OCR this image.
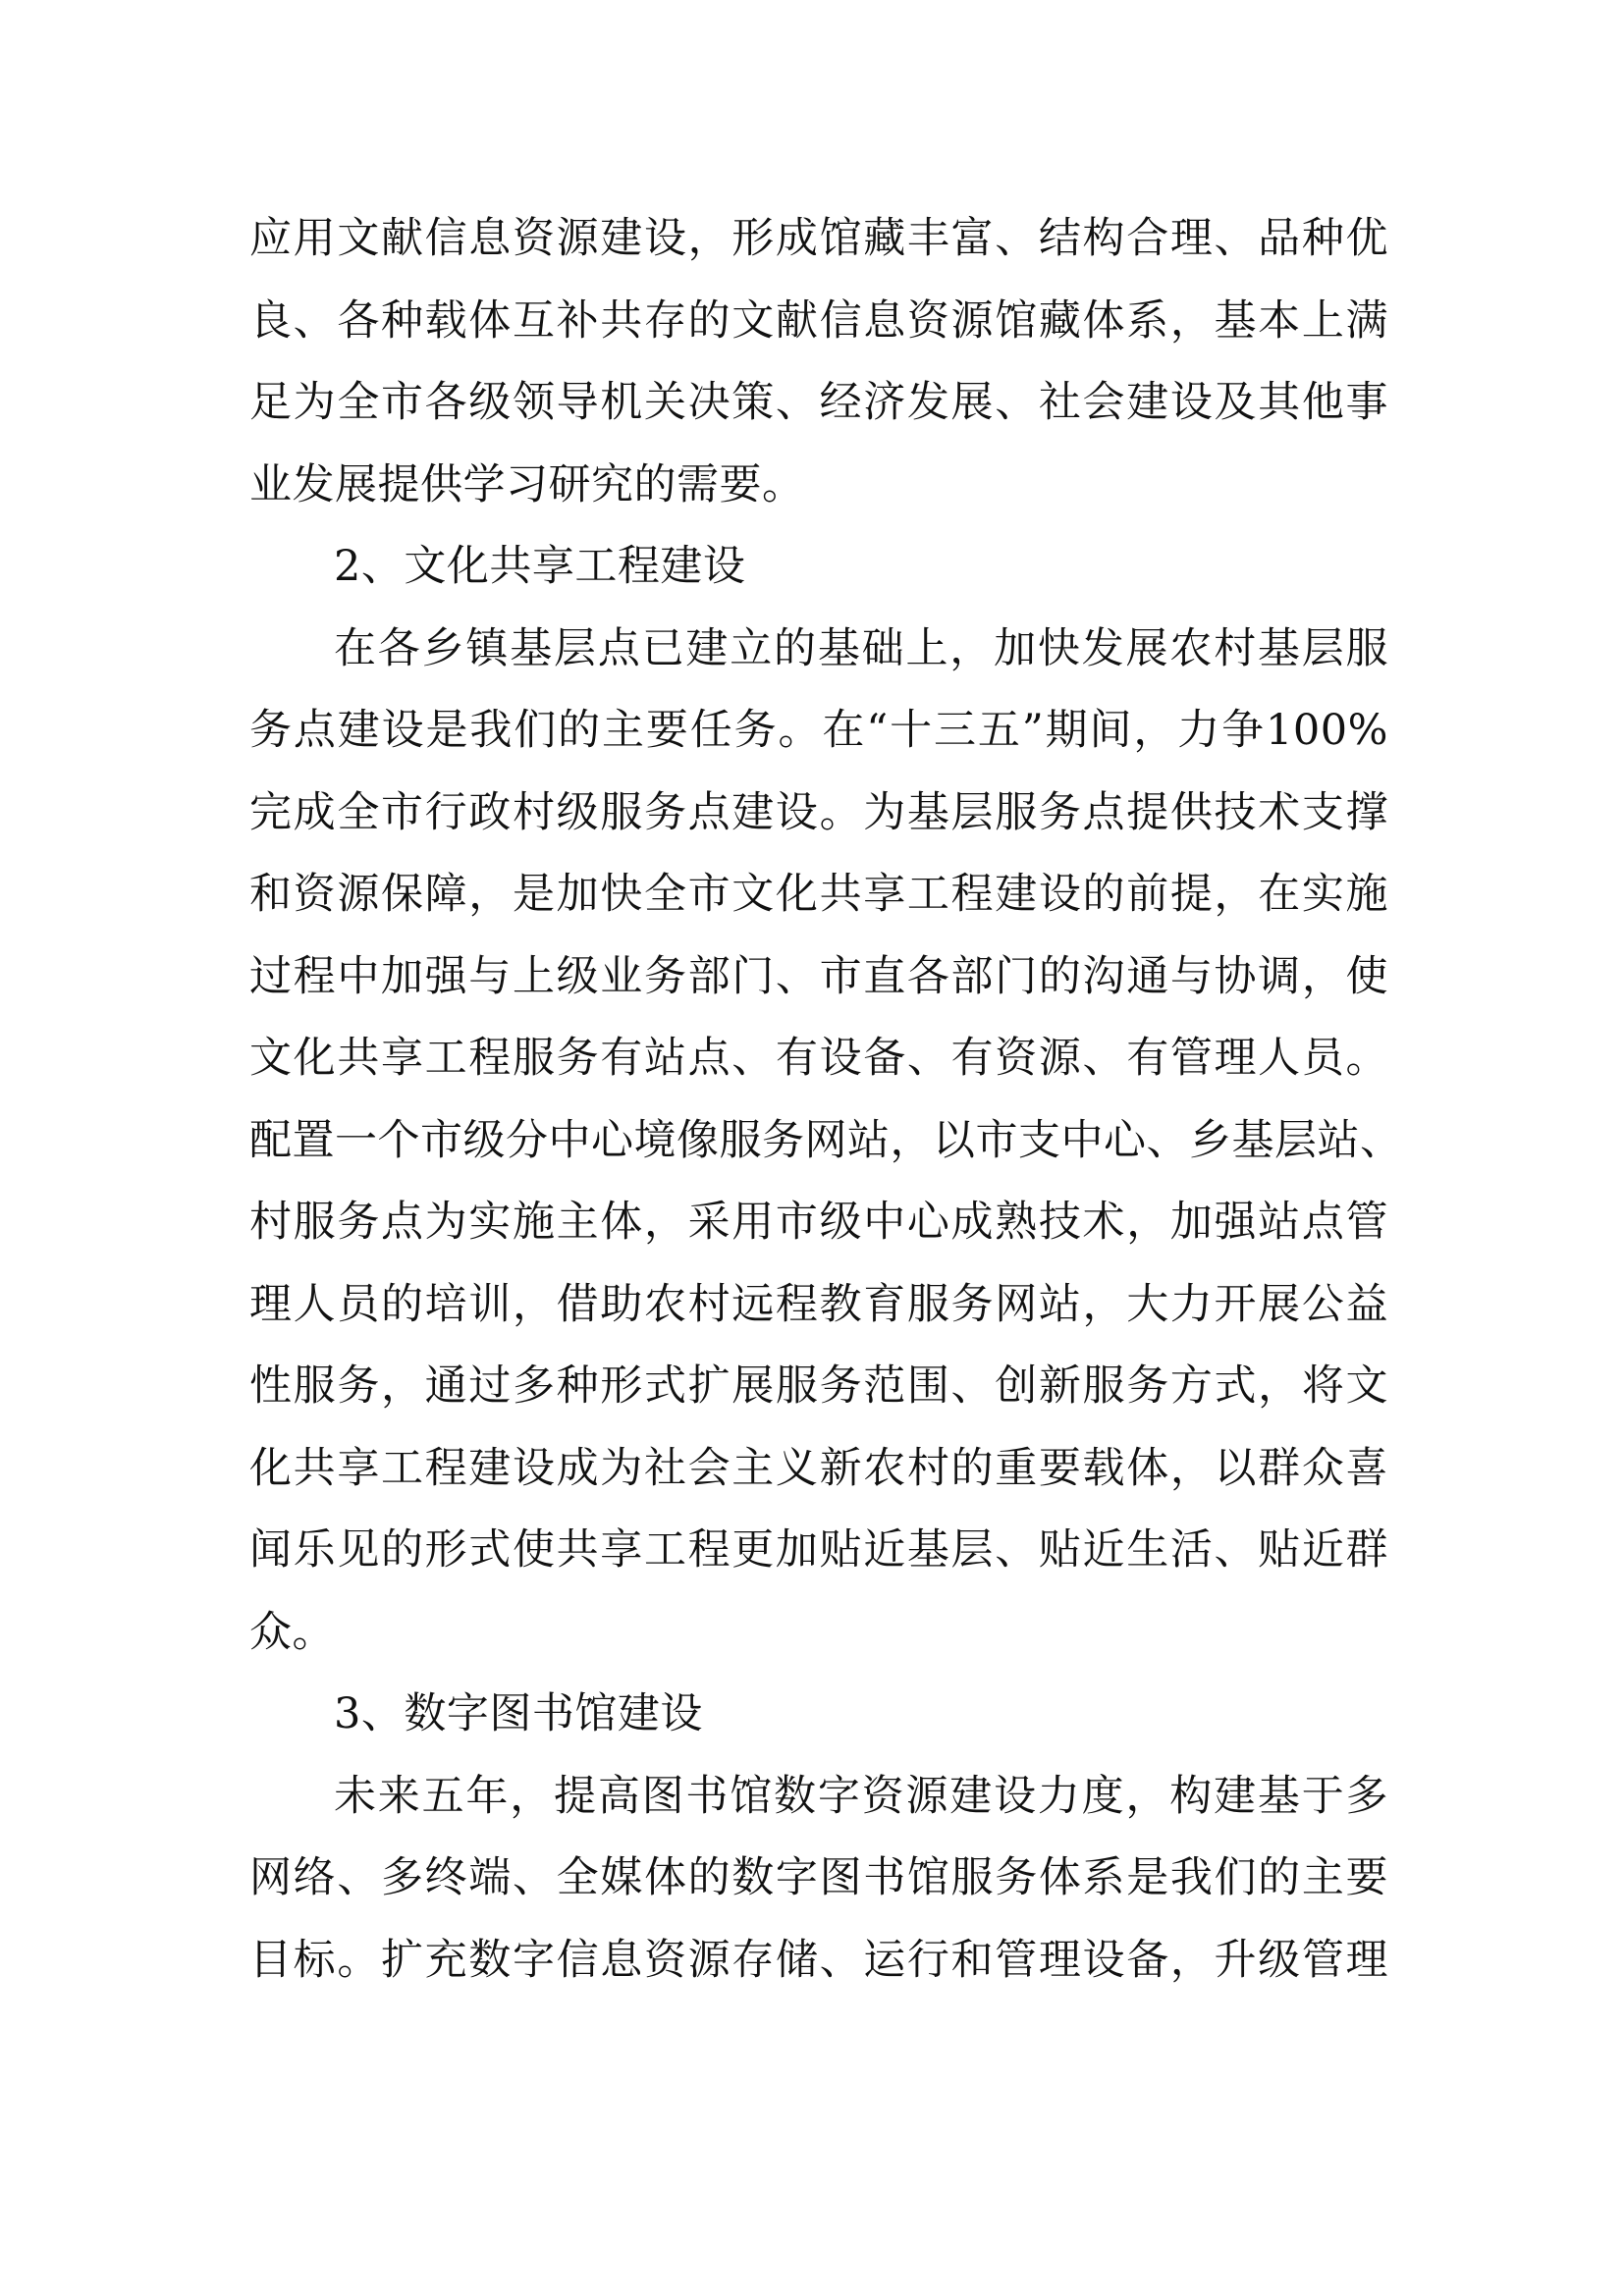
应用文献信息资源建设，形成馆藏丰富、结构合理、品种优
良、各种载体互补共存的文献信息资源馆藏体系，基本上满
足为全市各级领导机关决策、经济发展、社会建设及其他事
业发展提供学习研究的需要。
2、文化共享工程建设
在各乡镇基层点已建立的基础上，加快发展农村基层服
务点建设是我们的主要任务。在“十三五”期间，力争100%
完成全市行政村级服务点建设。为基层服务点提供技术支撑
和资源保障，是加快全市文化共享工程建设的前提，在实施
过程中加强与上级业务部门、市直各部门的沟通与协调，使
文化共享工程服务有站点、有设备、有资源、有管理人员。
配置一个市级分中心境像服务网站，以市支中心、乡基层站、
村服务点为实施主体，采用市级中心成熟技术，加强站点管
理人员的培训，借助农村远程教育服务网站，大力开展公益
性服务，通过多种形式扩展服务范围、创新服务方式，将文
化共享工程建设成为社会主义新农村的重要载体，以群众喜
闻乐见的形式使共享工程更加贴近基层、贴近生活、贴近群
众。
3、数字图书馆建设
未来五年，提高图书馆数字资源建设力度，构建基于多
网络、多终端、全媒体的数字图书馆服务体系是我们的主要
目标。扩充数字信息资源存储、运行和管理设备，升级管理
